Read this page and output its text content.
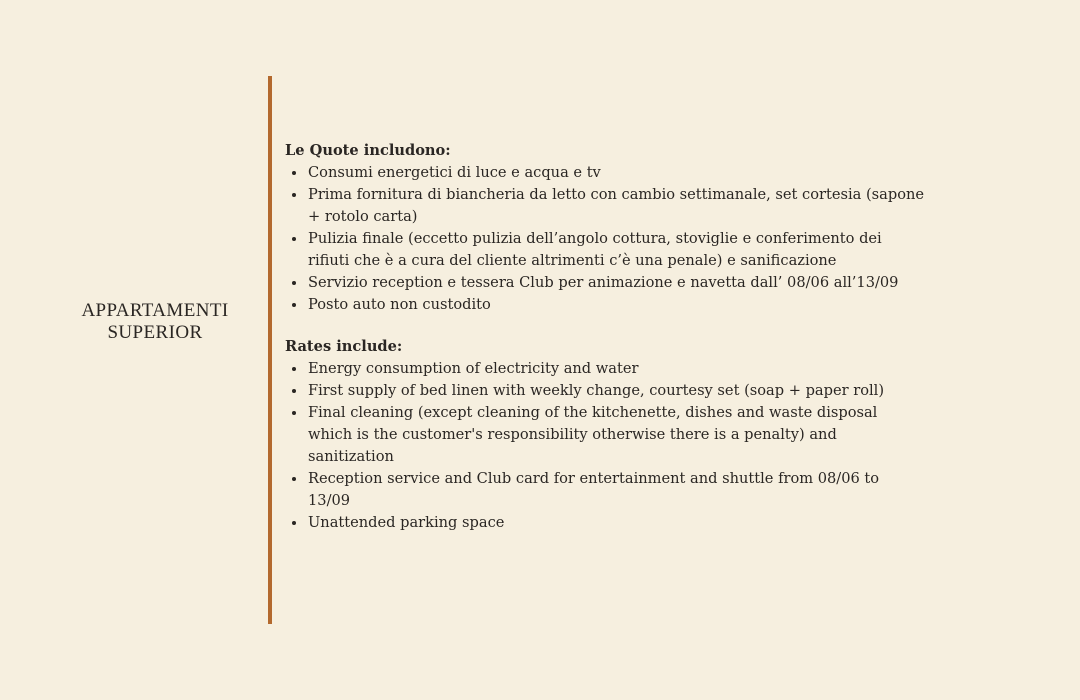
APPARTAMENTI
SUPERIOR

Le Quote includono:

Consumi energetici di luce e acqua e tv
Prima fornitura di biancheria da letto con cambio settimanale, set cortesia (sapone + rotolo carta)
Pulizia finale (eccetto pulizia dell’angolo cottura, stoviglie e conferimento dei rifiuti che è a cura del cliente altrimenti c’è una penale) e sanificazione
Servizio reception e tessera Club per animazione e navetta dall’ 08/06 all’13/09
Posto auto non custodito

Rates include:

Energy consumption of electricity and water
First supply of bed linen with weekly change, courtesy set (soap + paper roll)
Final cleaning (except cleaning of the kitchenette, dishes and waste disposal which is the customer's responsibility otherwise there is a penalty) and sanitization
Reception service and Club card for entertainment and shuttle from 08/06 to 13/09
Unattended parking space
